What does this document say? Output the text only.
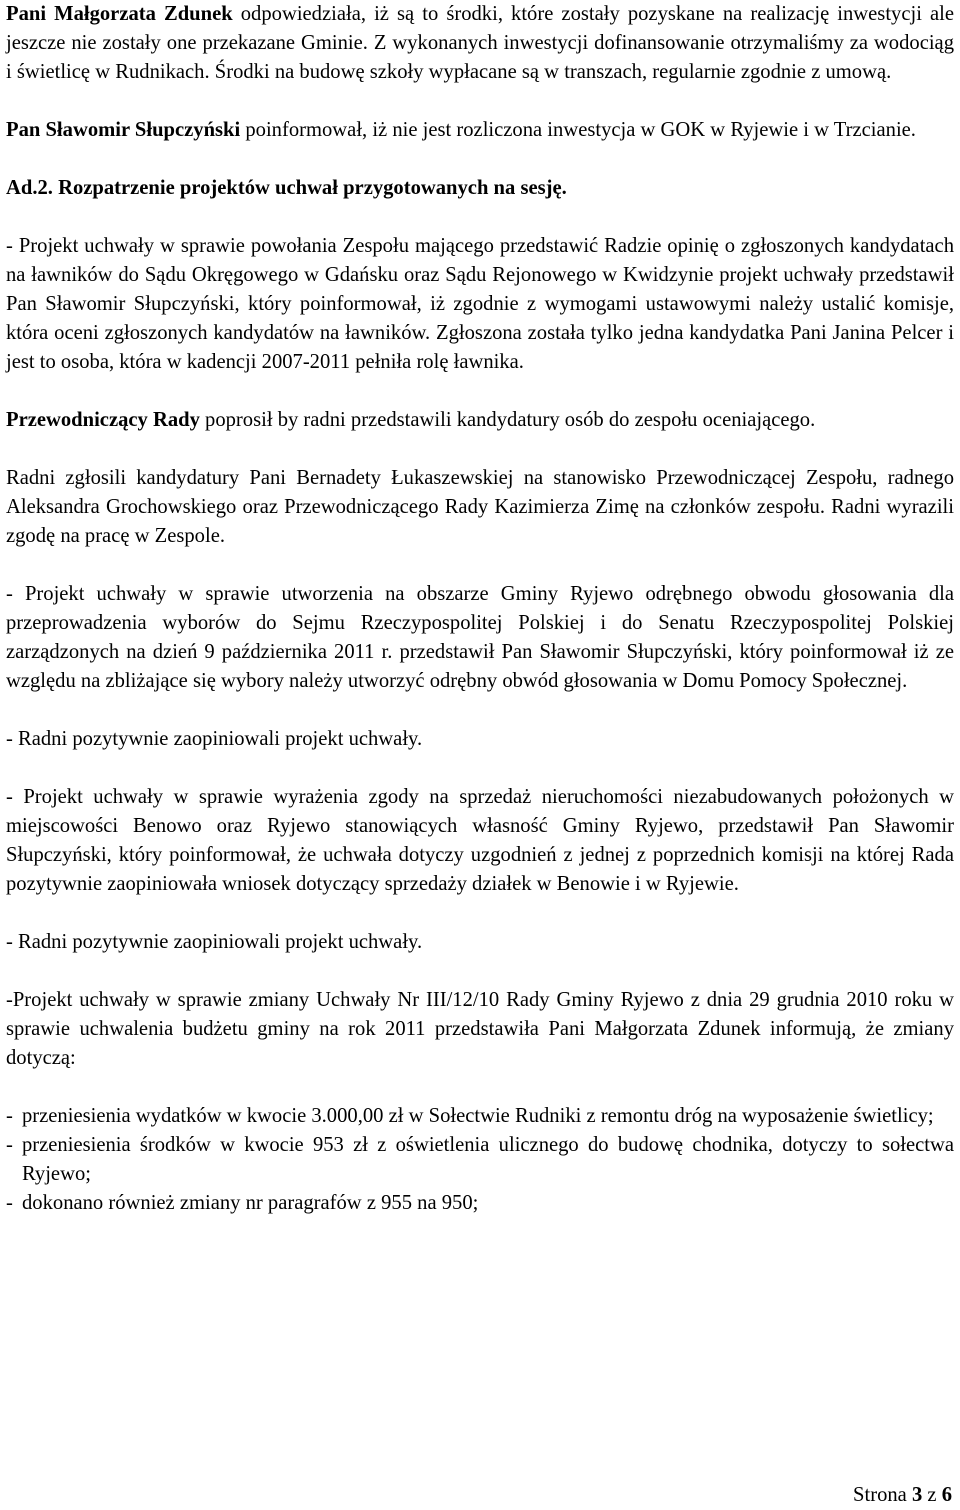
Pani Małgorzata Zdunek odpowiedziała, iż są to środki, które zostały pozyskane na realizację inwestycji ale jeszcze nie zostały one przekazane Gminie. Z wykonanych inwestycji dofinansowanie otrzymaliśmy za wodociąg i świetlicę w Rudnikach. Środki na budowę szkoły wypłacane są w transzach, regularnie zgodnie z umową.

Pan Sławomir Słupczyński poinformował, iż nie jest rozliczona inwestycja w GOK w Ryjewie i w Trzcianie.

Ad.2. Rozpatrzenie projektów uchwał przygotowanych na sesję.

- Projekt uchwały w sprawie powołania Zespołu mającego przedstawić Radzie opinię o zgłoszonych kandydatach na ławników do Sądu Okręgowego w Gdańsku oraz Sądu Rejonowego w Kwidzynie projekt uchwały przedstawił Pan Sławomir Słupczyński, który poinformował, iż zgodnie z wymogami ustawowymi należy ustalić komisje, która oceni zgłoszonych kandydatów na ławników. Zgłoszona została tylko jedna kandydatka Pani Janina Pelcer i jest to osoba, która w kadencji 2007-2011 pełniła rolę ławnika.

Przewodniczący Rady poprosił by radni przedstawili kandydatury osób do zespołu oceniającego.

Radni zgłosili kandydatury Pani Bernadety Łukaszewskiej na stanowisko Przewodniczącej Zespołu, radnego Aleksandra Grochowskiego oraz Przewodniczącego Rady Kazimierza Zimę na członków zespołu. Radni wyrazili zgodę na pracę w Zespole.

- Projekt uchwały w sprawie utworzenia na obszarze Gminy Ryjewo odrębnego obwodu głosowania dla przeprowadzenia wyborów do Sejmu Rzeczypospolitej Polskiej i do Senatu Rzeczypospolitej Polskiej zarządzonych na dzień 9 października 2011 r. przedstawił Pan Sławomir Słupczyński, który poinformował iż ze względu na zbliżające się wybory należy utworzyć odrębny obwód głosowania w Domu Pomocy Społecznej.

- Radni pozytywnie zaopiniowali projekt uchwały.

- Projekt uchwały w sprawie wyrażenia zgody na sprzedaż nieruchomości niezabudowanych położonych w miejscowości Benowo oraz Ryjewo stanowiących własność Gminy Ryjewo, przedstawił Pan Sławomir Słupczyński, który poinformował, że uchwała dotyczy uzgodnień z jednej z poprzednich komisji na której Rada pozytywnie zaopiniowała wniosek dotyczący sprzedaży działek w Benowie i w Ryjewie.

- Radni pozytywnie zaopiniowali projekt uchwały.

-Projekt uchwały w sprawie zmiany Uchwały Nr III/12/10 Rady Gminy Ryjewo z dnia 29 grudnia 2010 roku w sprawie uchwalenia budżetu gminy na rok 2011 przedstawiła Pani Małgorzata Zdunek informują, że zmiany dotyczą:

- przeniesienia wydatków w kwocie 3.000,00 zł w Sołectwie Rudniki z remontu dróg na wyposażenie świetlicy;
- przeniesienia środków w kwocie 953 zł z oświetlenia ulicznego do budowę chodnika, dotyczy to sołectwa Ryjewo;
- dokonano również zmiany nr paragrafów z 955 na 950;
Strona 3 z 6
